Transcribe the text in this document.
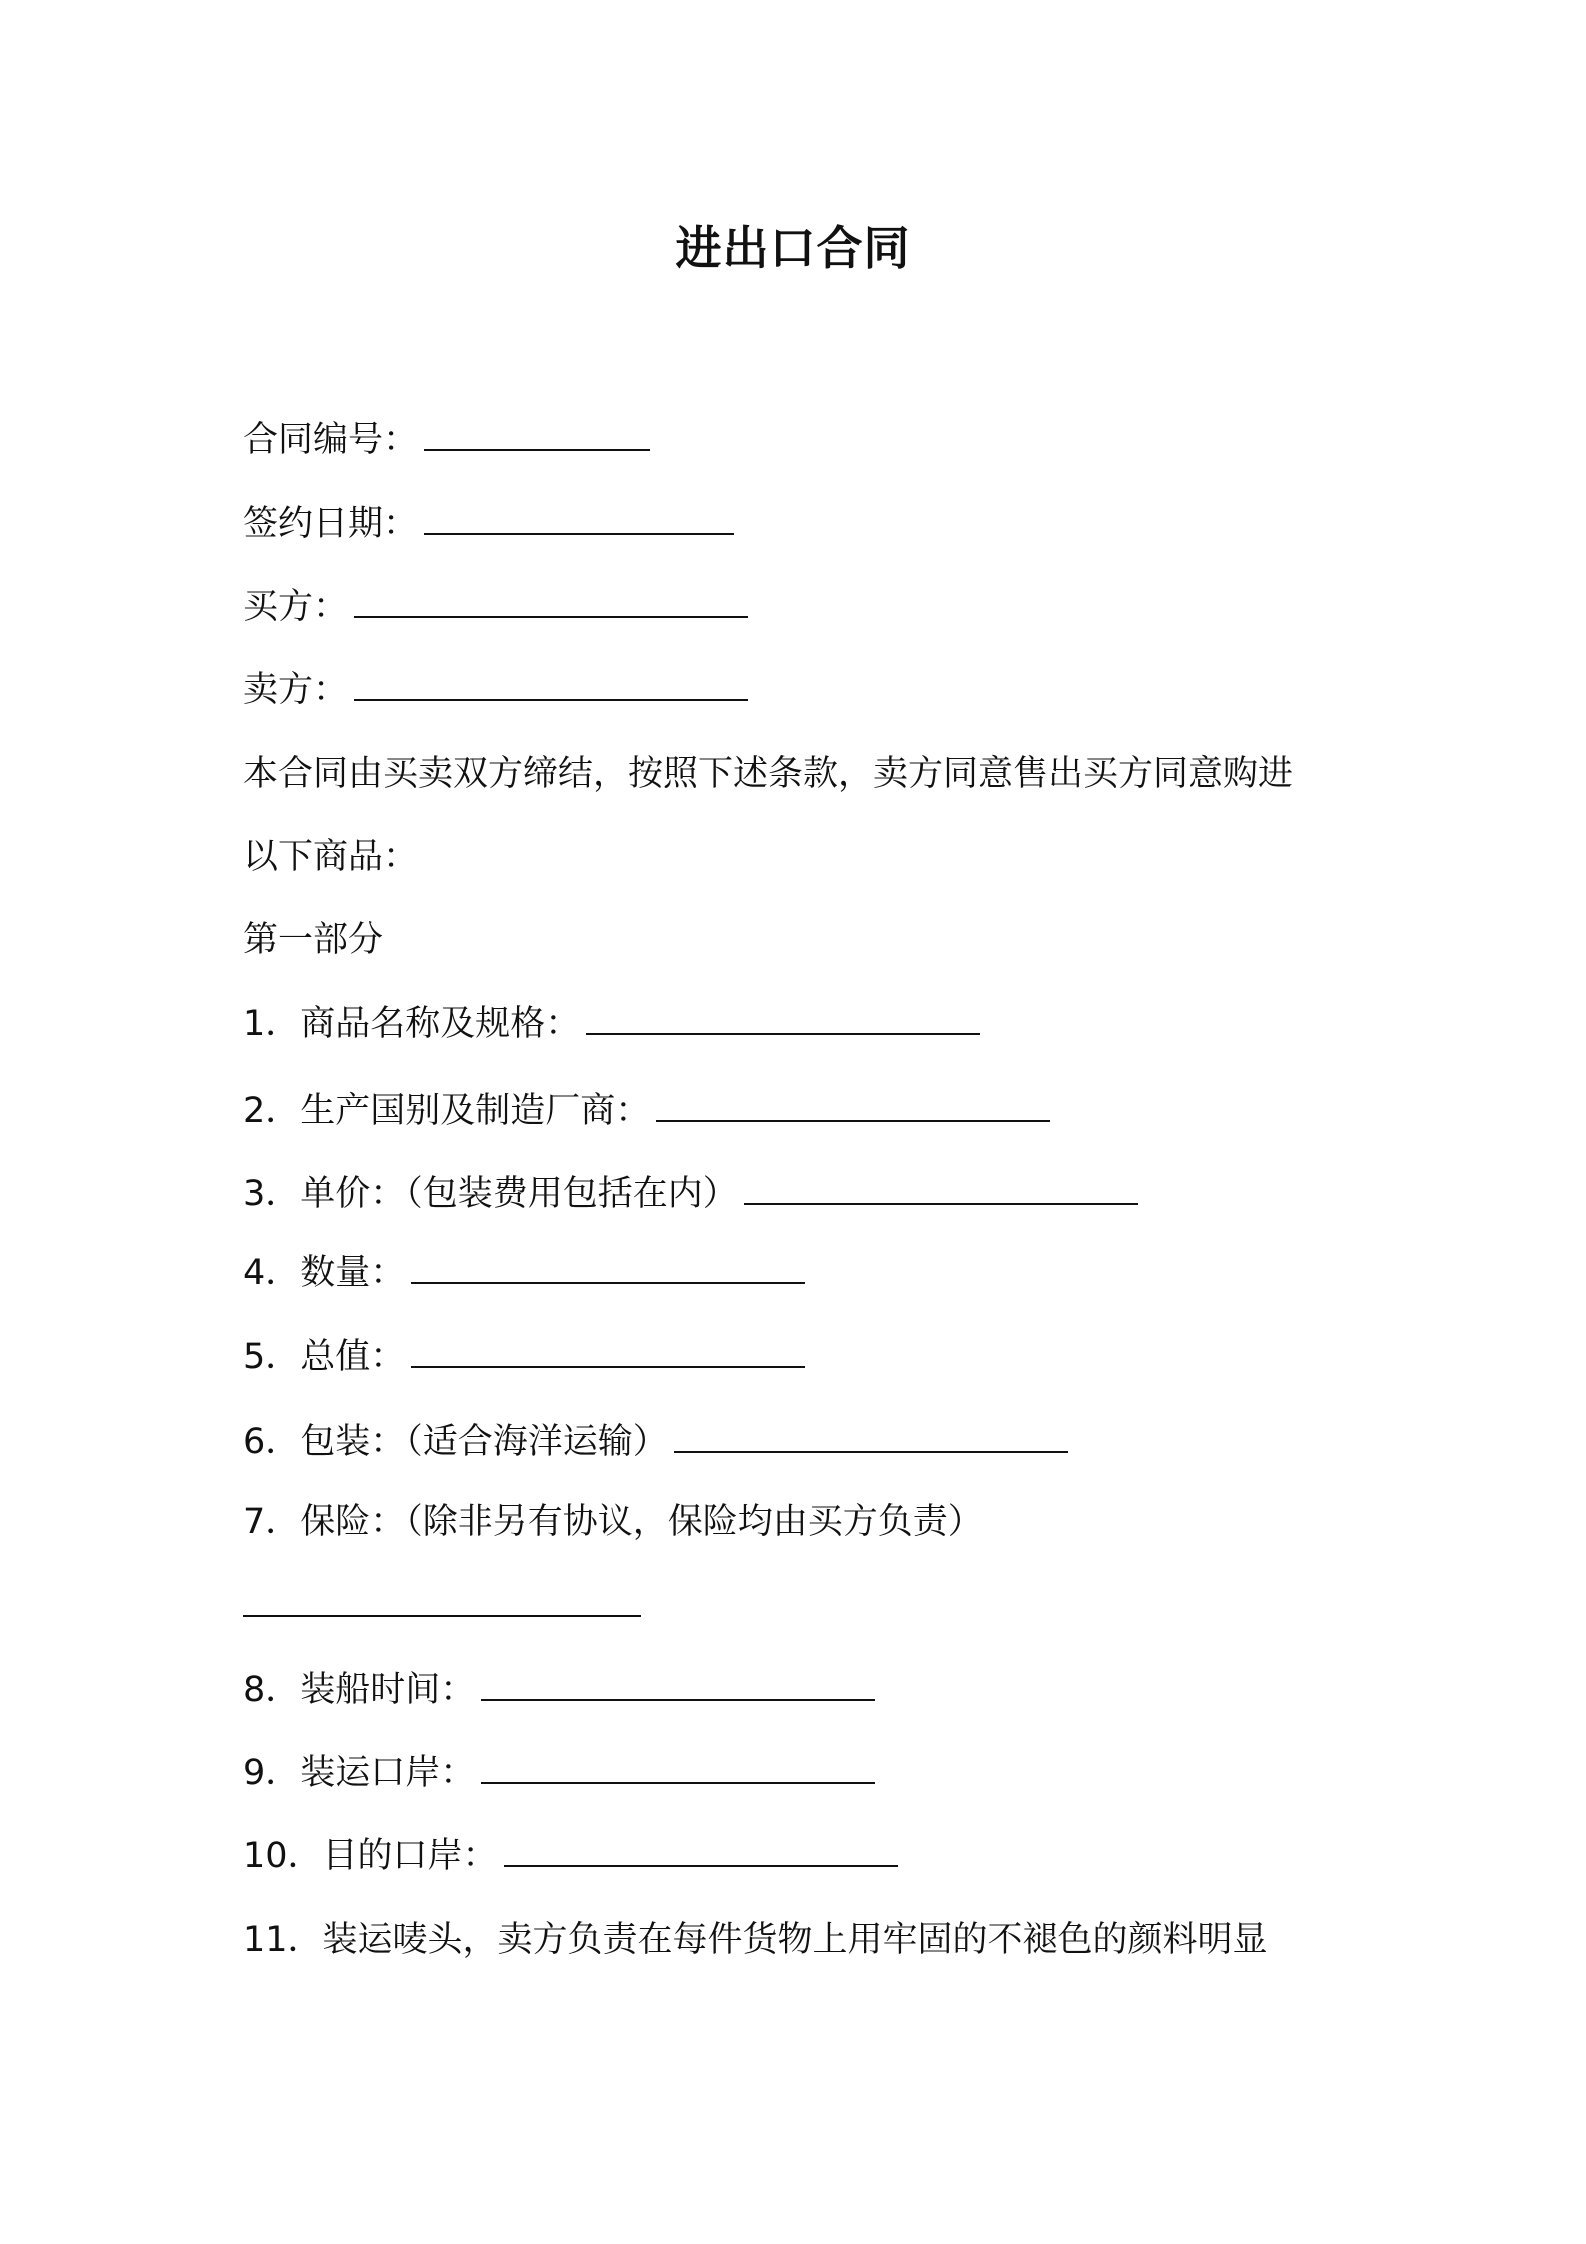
进出口合同
合同编号：
签约日期：
买方：
卖方：
本合同由买卖双方缔结，按照下述条款，卖方同意售出买方同意购进
以下商品：
第一部分
1．商品名称及规格：
2．生产国别及制造厂商：
3．单价：（包装费用包括在内）
4．数量：
5．总值：
6．包装：（适合海洋运输）
7．保险：（除非另有协议，保险均由买方负责）
8．装船时间：
9．装运口岸：
10．目的口岸：
11．装运唛头，卖方负责在每件货物上用牢固的不褪色的颜料明显
